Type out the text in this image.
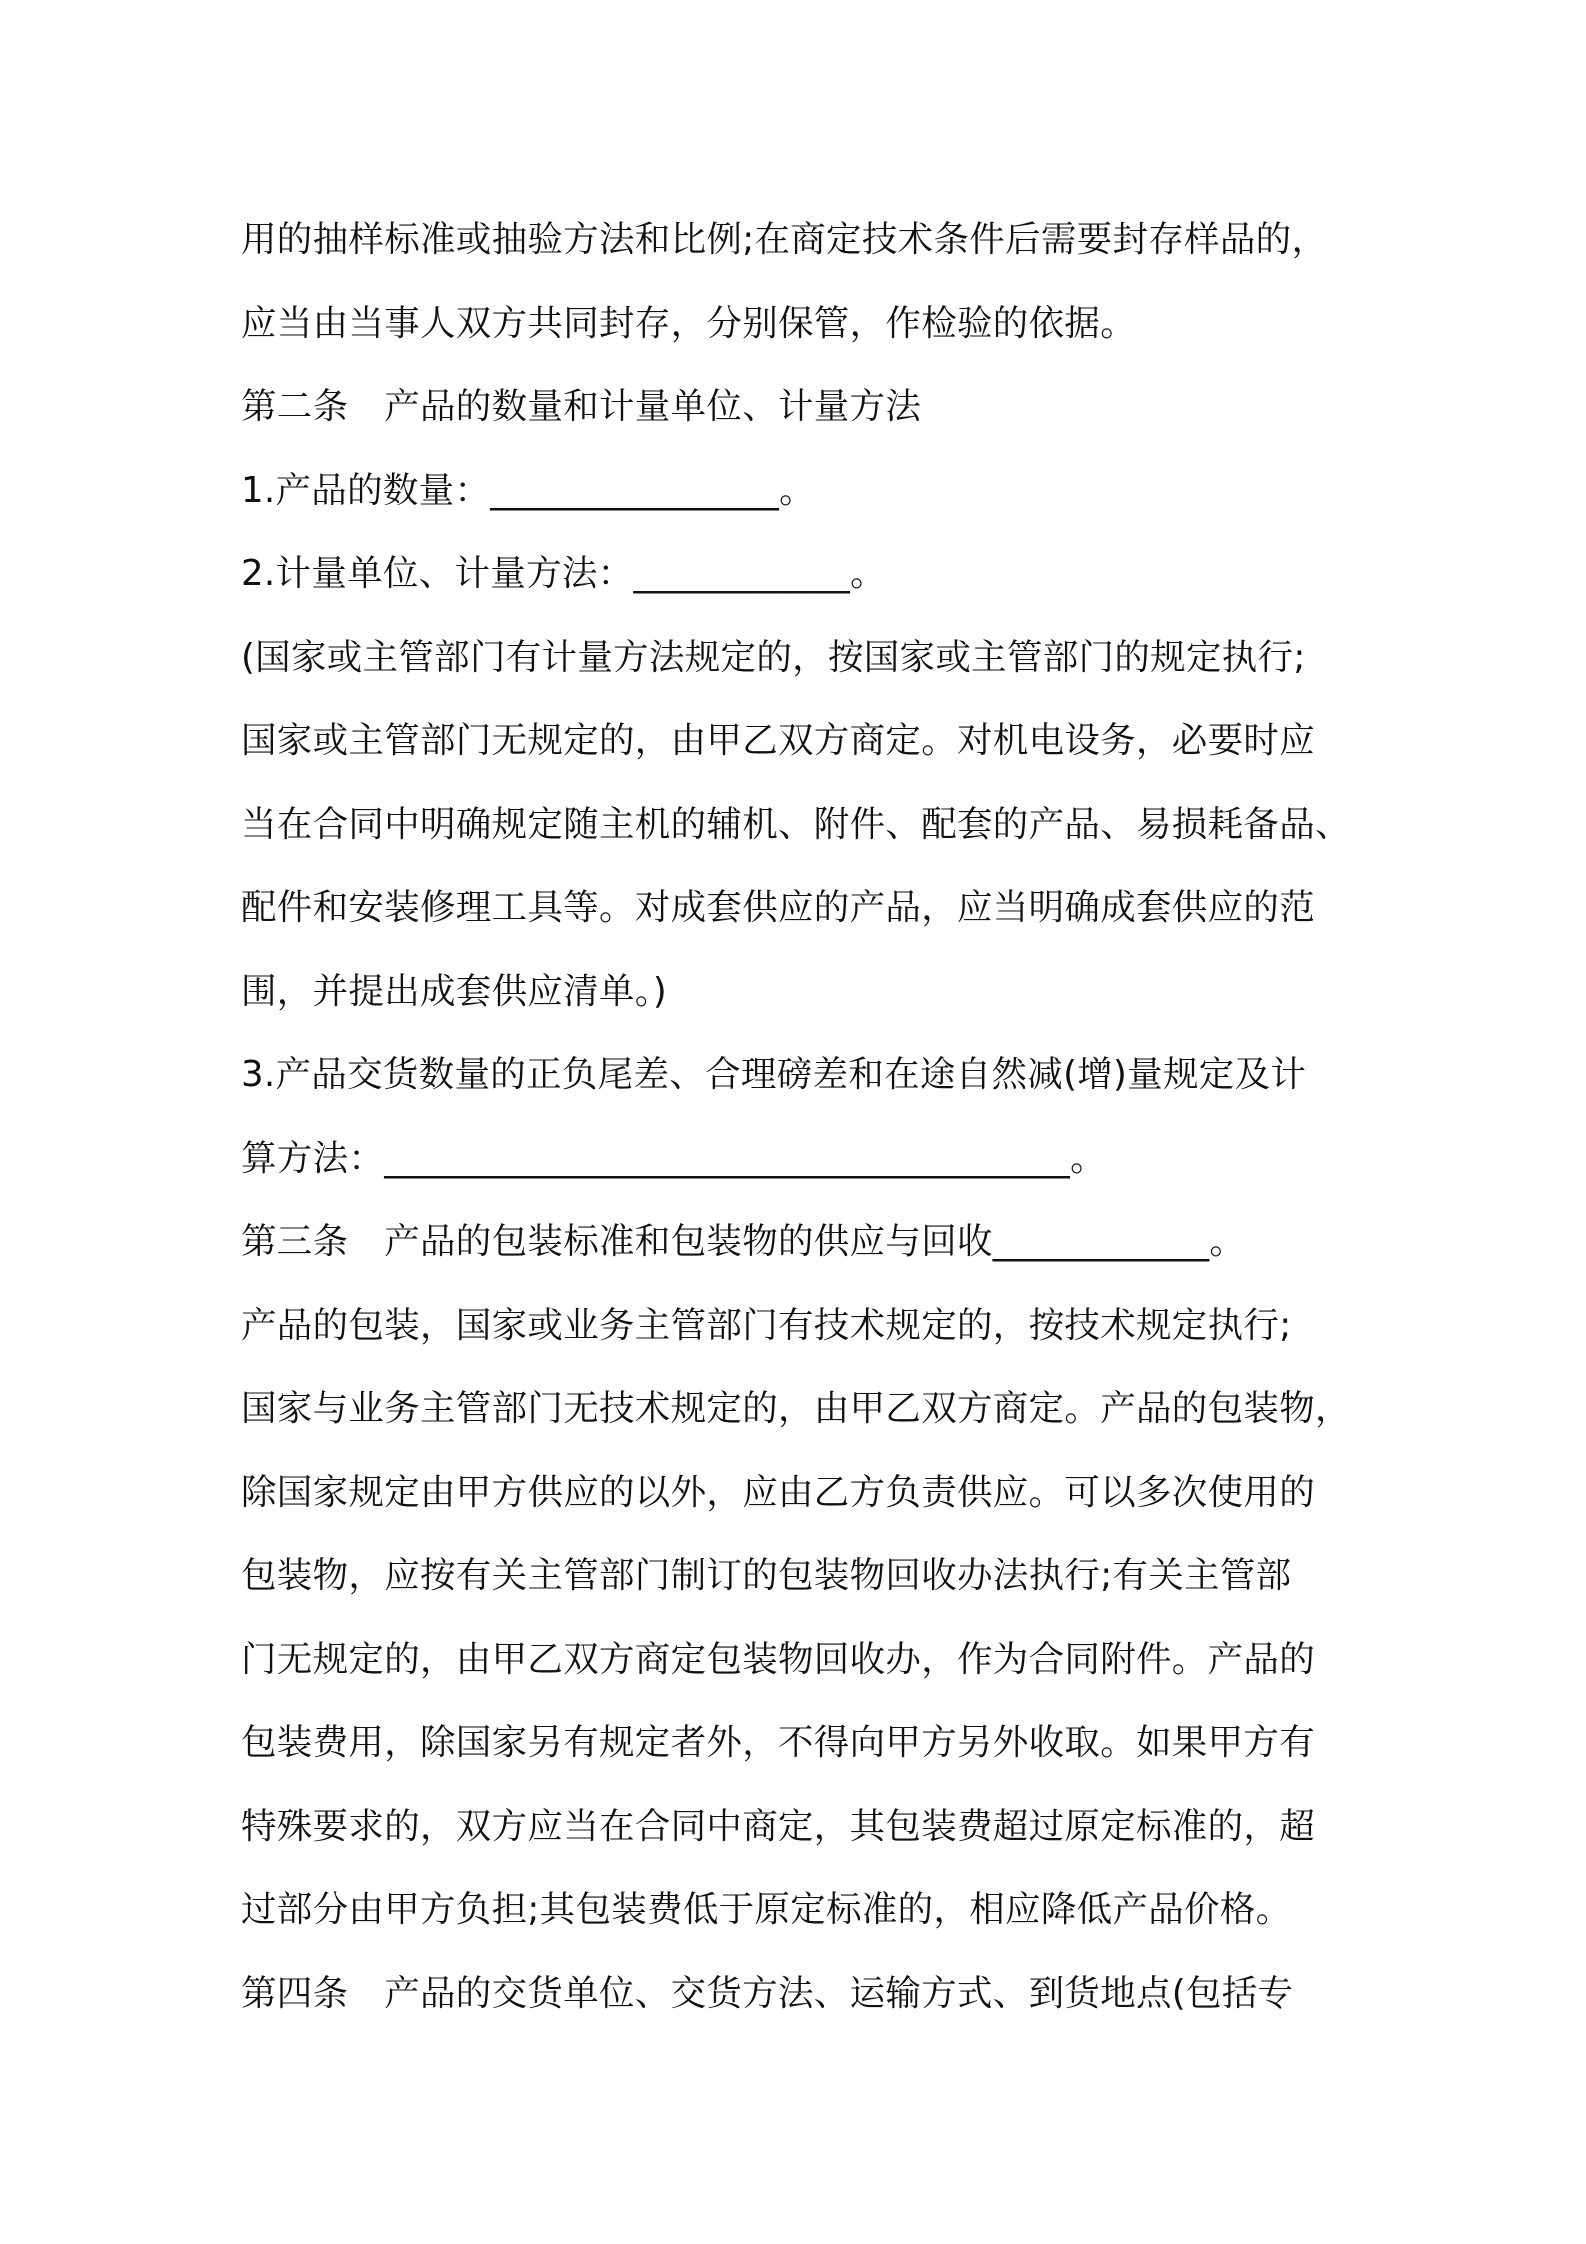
用的抽样标准或抽验方法和比例;在商定技术条件后需要封存样品的，
应当由当事人双方共同封存，分别保管，作检验的依据。
第二条　产品的数量和计量单位、计量方法
1.产品的数量：________________。
2.计量单位、计量方法：____________。
(国家或主管部门有计量方法规定的，按国家或主管部门的规定执行;
国家或主管部门无规定的，由甲乙双方商定。对机电设务，必要时应
当在合同中明确规定随主机的辅机、附件、配套的产品、易损耗备品、
配件和安装修理工具等。对成套供应的产品，应当明确成套供应的范
围，并提出成套供应清单。)
3.产品交货数量的正负尾差、合理磅差和在途自然减(增)量规定及计
算方法：______________________________________。
第三条　产品的包装标准和包装物的供应与回收____________。
产品的包装，国家或业务主管部门有技术规定的，按技术规定执行;
国家与业务主管部门无技术规定的，由甲乙双方商定。产品的包装物，
除国家规定由甲方供应的以外，应由乙方负责供应。可以多次使用的
包装物，应按有关主管部门制订的包装物回收办法执行;有关主管部
门无规定的，由甲乙双方商定包装物回收办，作为合同附件。产品的
包装费用，除国家另有规定者外，不得向甲方另外收取。如果甲方有
特殊要求的，双方应当在合同中商定，其包装费超过原定标准的，超
过部分由甲方负担;其包装费低于原定标准的，相应降低产品价格。
第四条　产品的交货单位、交货方法、运输方式、到货地点(包括专
